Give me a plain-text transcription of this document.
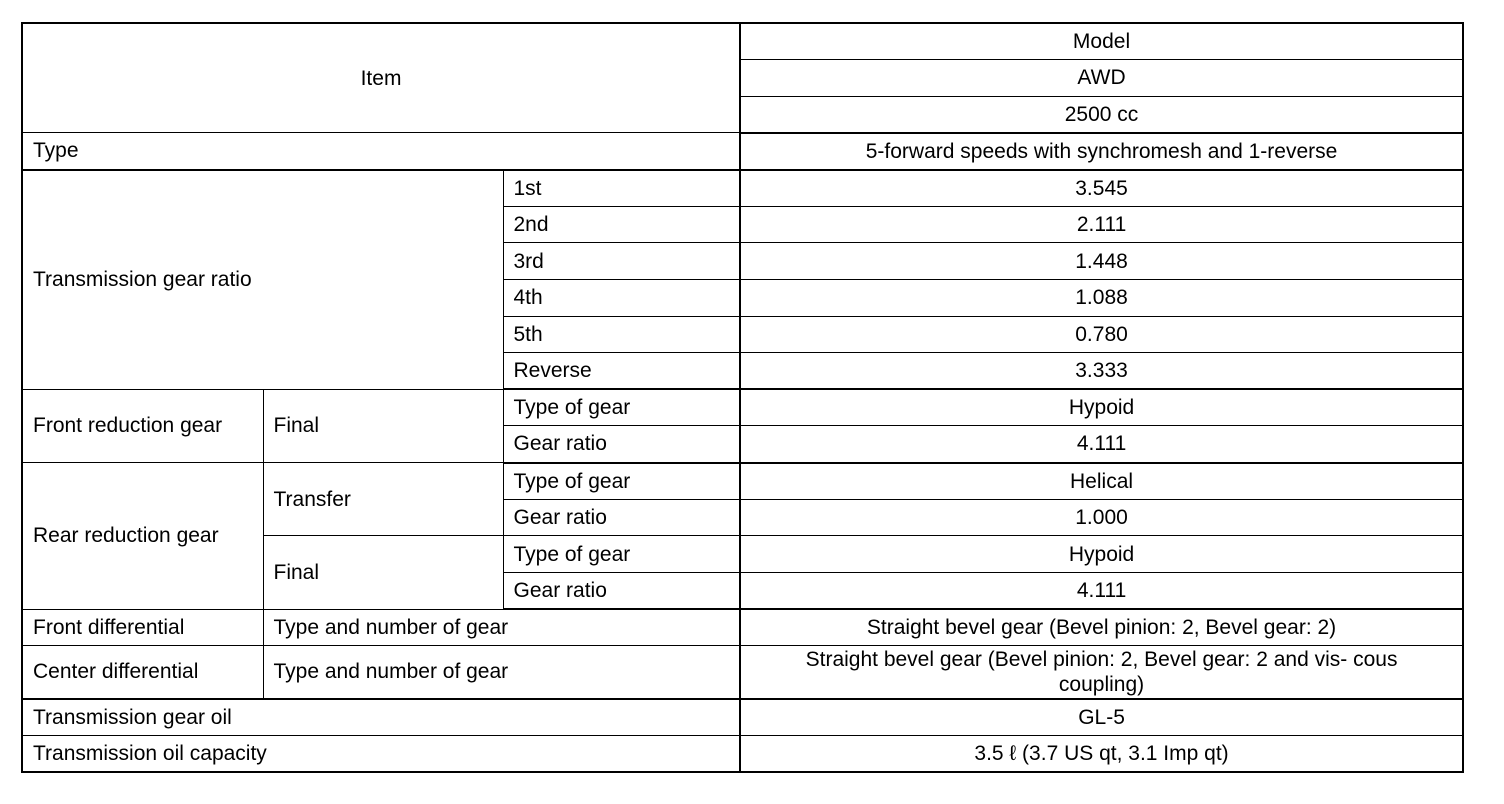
Item			Model
			AWD
			2500 cc
Type			5-forward speeds with synchromesh and 1-reverse
Transmission gear ratio		1st	3.545
		2nd	2.111
		3rd	1.448
		4th	1.088
		5th	0.780
		Reverse	3.333
Front reduction gear	Final	Type of gear	Hypoid
		Gear ratio	4.111
Rear reduction gear	Transfer	Type of gear	Helical
		Gear ratio	1.000
	Final	Type of gear	Hypoid
		Gear ratio	4.111
Front differential	Type and number of gear		Straight bevel gear (Bevel pinion: 2, Bevel gear: 2)
Center differential	Type and number of gear		Straight bevel gear (Bevel pinion: 2, Bevel gear: 2 and vis- cous coupling)
Transmission gear oil			GL-5
Transmission oil capacity			3.5 ℓ (3.7 US qt, 3.1 Imp qt)
